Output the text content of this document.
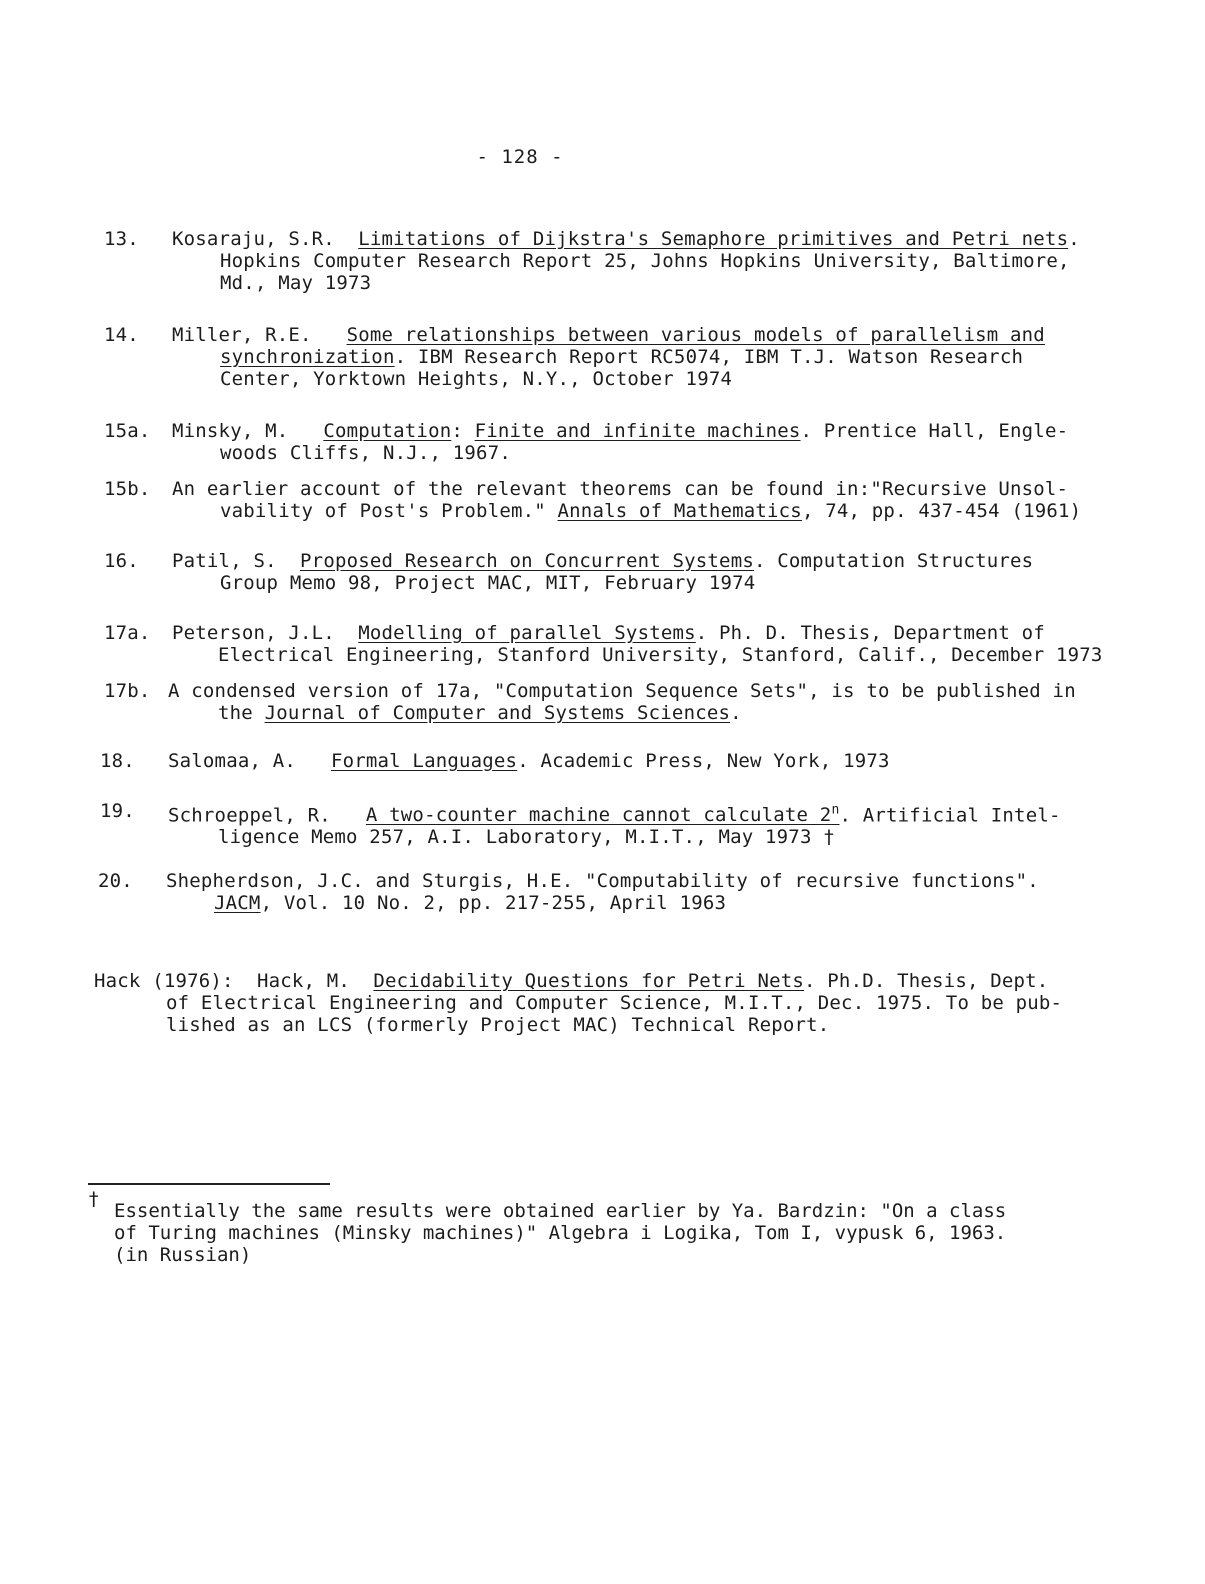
- 128 -
13. Kosaraju, S.R. Limitations of Dijkstra's Semaphore primitives and Petri nets.
Hopkins Computer Research Report 25, Johns Hopkins University, Baltimore,
Md., May 1973
14. Miller, R.E. Some relationships between various models of parallelism and
synchronization. IBM Research Report RC5074, IBM T.J. Watson Research
Center, Yorktown Heights, N.Y., October 1974
15a. Minsky, M. Computation: Finite and infinite machines. Prentice Hall, Engle-
woods Cliffs, N.J., 1967.
15b. An earlier account of the relevant theorems can be found in:"Recursive Unsol-
vability of Post's Problem." Annals of Mathematics, 74, pp. 437-454 (1961)
16. Patil, S. Proposed Research on Concurrent Systems. Computation Structures
Group Memo 98, Project MAC, MIT, February 1974
17a. Peterson, J.L. Modelling of parallel Systems. Ph. D. Thesis, Department of
Electrical Engineering, Stanford University, Stanford, Calif., December 1973
17b. A condensed version of 17a, "Computation Sequence Sets", is to be published in
the Journal of Computer and Systems Sciences.
18. Salomaa, A. Formal Languages. Academic Press, New York, 1973
19. Schroeppel, R. A two-counter machine cannot calculate 2$^n$. Artificial Intel-
ligence Memo 257, A.I. Laboratory, M.I.T., May 1973 †
20. Shepherdson, J.C. and Sturgis, H.E. "Computability of recursive functions".
JACM, Vol. 10 No. 2, pp. 217-255, April 1963
Hack (1976): Hack, M. Decidability Questions for Petri Nets. Ph.D. Thesis, Dept.
of Electrical Engineering and Computer Science, M.I.T., Dec. 1975. To be pub-
lished as an LCS (formerly Project MAC) Technical Report.
†
Essentially the same results were obtained earlier by Ya. Bardzin: "On a class
of Turing machines (Minsky machines)" Algebra i Logika, Tom I, vypusk 6, 1963.
(in Russian)
